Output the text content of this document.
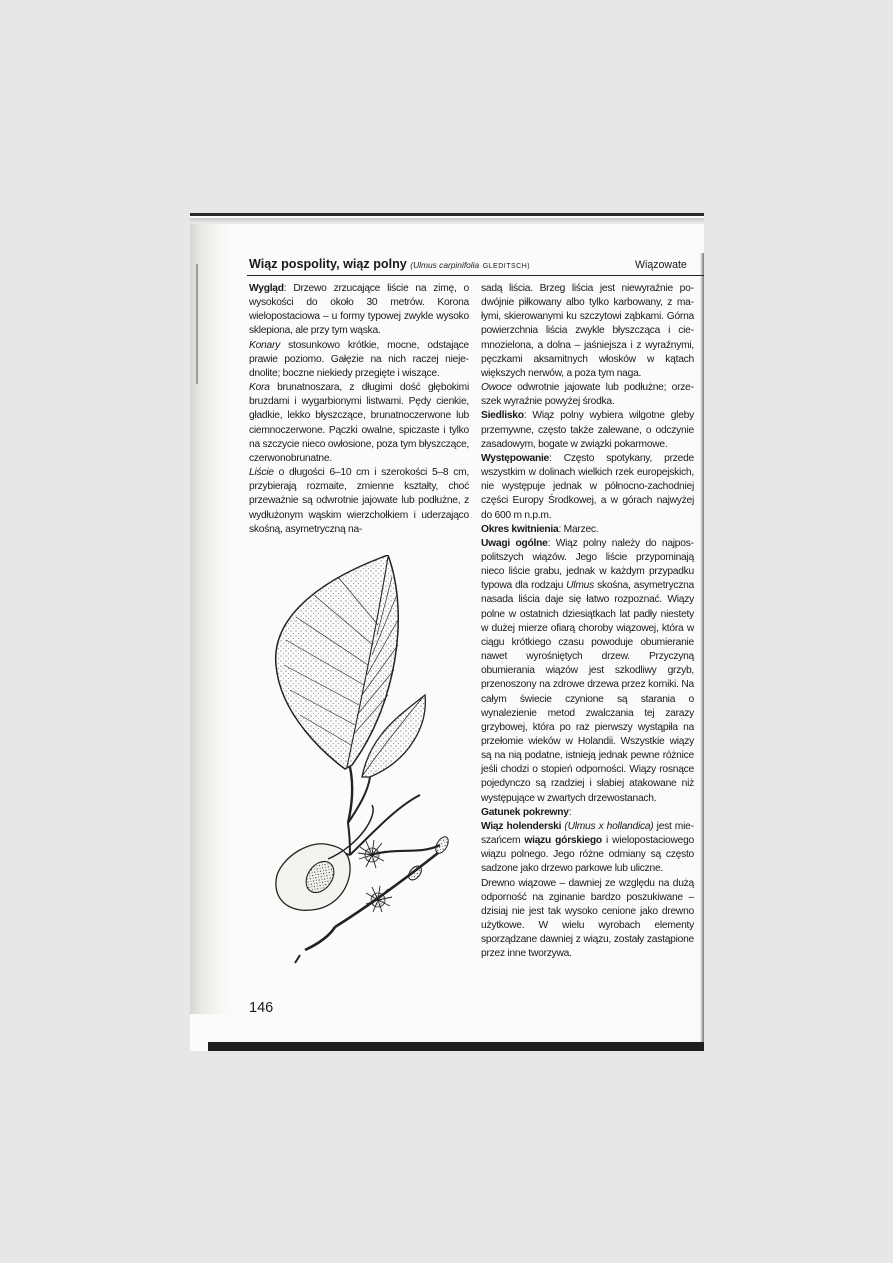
Wiąz pospolity, wiąz polny (Ulmus carpinifolia GLEDITSCH)	Wiązowate

Wygląd: Drzewo zrzucające liście na zimę, o wysokości do około 30 metrów. Korona wielopostaciowa – u formy typowej zwykle wysoko sklepiona, ale przy tym wąska.

Konary stosunkowo krótkie, mocne, odstające prawie poziomo. Gałęzie na nich raczej niejednolite; boczne niekiedy przegięte i wiszące.

Kora brunatnoszara, z długimi dość głębokimi bruzdami i wygarbionymi listwami. Pędy cienkie, gładkie, lekko błyszczące, brunatnoczerwone lub ciemnoczerwone. Pączki owalne, spiczaste i tylko na szczycie nieco owłosione, poza tym błyszczące, czerwonobrunatne.

Liście o długości 6–10 cm i szerokości 5–8 cm, przybierają rozmaite, zmienne kształty, choć przeważnie są odwrotnie jajowate lub podłużne, z wydłużonym wąskim wierzchołkiem i uderzająco skośną, asymetryczną na-

sadą liścia. Brzeg liścia jest niewyraźnie podwójnie piłkowany albo tylko karbowany, z małymi, skierowanymi ku szczytowi ząbkami. Górna powierzchnia liścia zwykle błyszcząca i ciemnozielona, a dolna – jaśniejsza i z wyraźnymi, pęczkami aksamitnych włosków w kątach większych nerwów, a poza tym naga.

Owoce odwrotnie jajowate lub podłużne; orzeszek wyraźnie powyżej środka.

Siedlisko: Wiąz polny wybiera wilgotne gleby przemywne, często także zalewane, o odczynie zasadowym, bogate w związki pokarmowe.

Występowanie: Często spotykany, przede wszystkim w dolinach wielkich rzek europejskich, nie występuje jednak w północno-zachodniej części Europy Środkowej, a w górach najwyżej do 600 m n.p.m.

Okres kwitnienia: Marzec.

Uwagi ogólne: Wiąz polny należy do najpospolitszych wiązów. Jego liście przypominają nieco liście grabu, jednak w każdym przypadku typowa dla rodzaju Ulmus skośna, asymetryczna nasada liścia daje się łatwo rozpoznać. Wiązy polne w ostatnich dziesiątkach lat padły niestety w dużej mierze ofiarą choroby wiązowej, która w ciągu krótkiego czasu powoduje obumieranie nawet wyrośniętych drzew. Przyczyną obumierania wiązów jest szkodliwy grzyb, przenoszony na zdrowe drzewa przez korniki. Na całym świecie czynione są starania o wynalezienie metod zwalczania tej zarazy grzybowej, która po raz pierwszy wystąpiła na przełomie wieków w Holandii. Wszystkie wiązy są na nią podatne, istnieją jednak pewne różnice jeśli chodzi o stopień odporności. Wiązy rosnące pojedynczo są rzadziej i słabiej atakowane niż występujące w zwartych drzewostanach.

Gatunek pokrewny:

Wiąz holenderski (Ulmus x hollandica) jest mieszańcem wiązu górskiego i wielopostaciowego wiązu polnego. Jego różne odmiany są często sadzone jako drzewo parkowe lub uliczne.

Drewno wiązowe – dawniej ze względu na dużą odporność na zginanie bardzo poszukiwane – dzisiaj nie jest tak wysoko cenione jako drewno użytkowe. W wielu wyrobach elementy sporządzane dawniej z wiązu, zostały zastąpione przez inne tworzywa.

146
